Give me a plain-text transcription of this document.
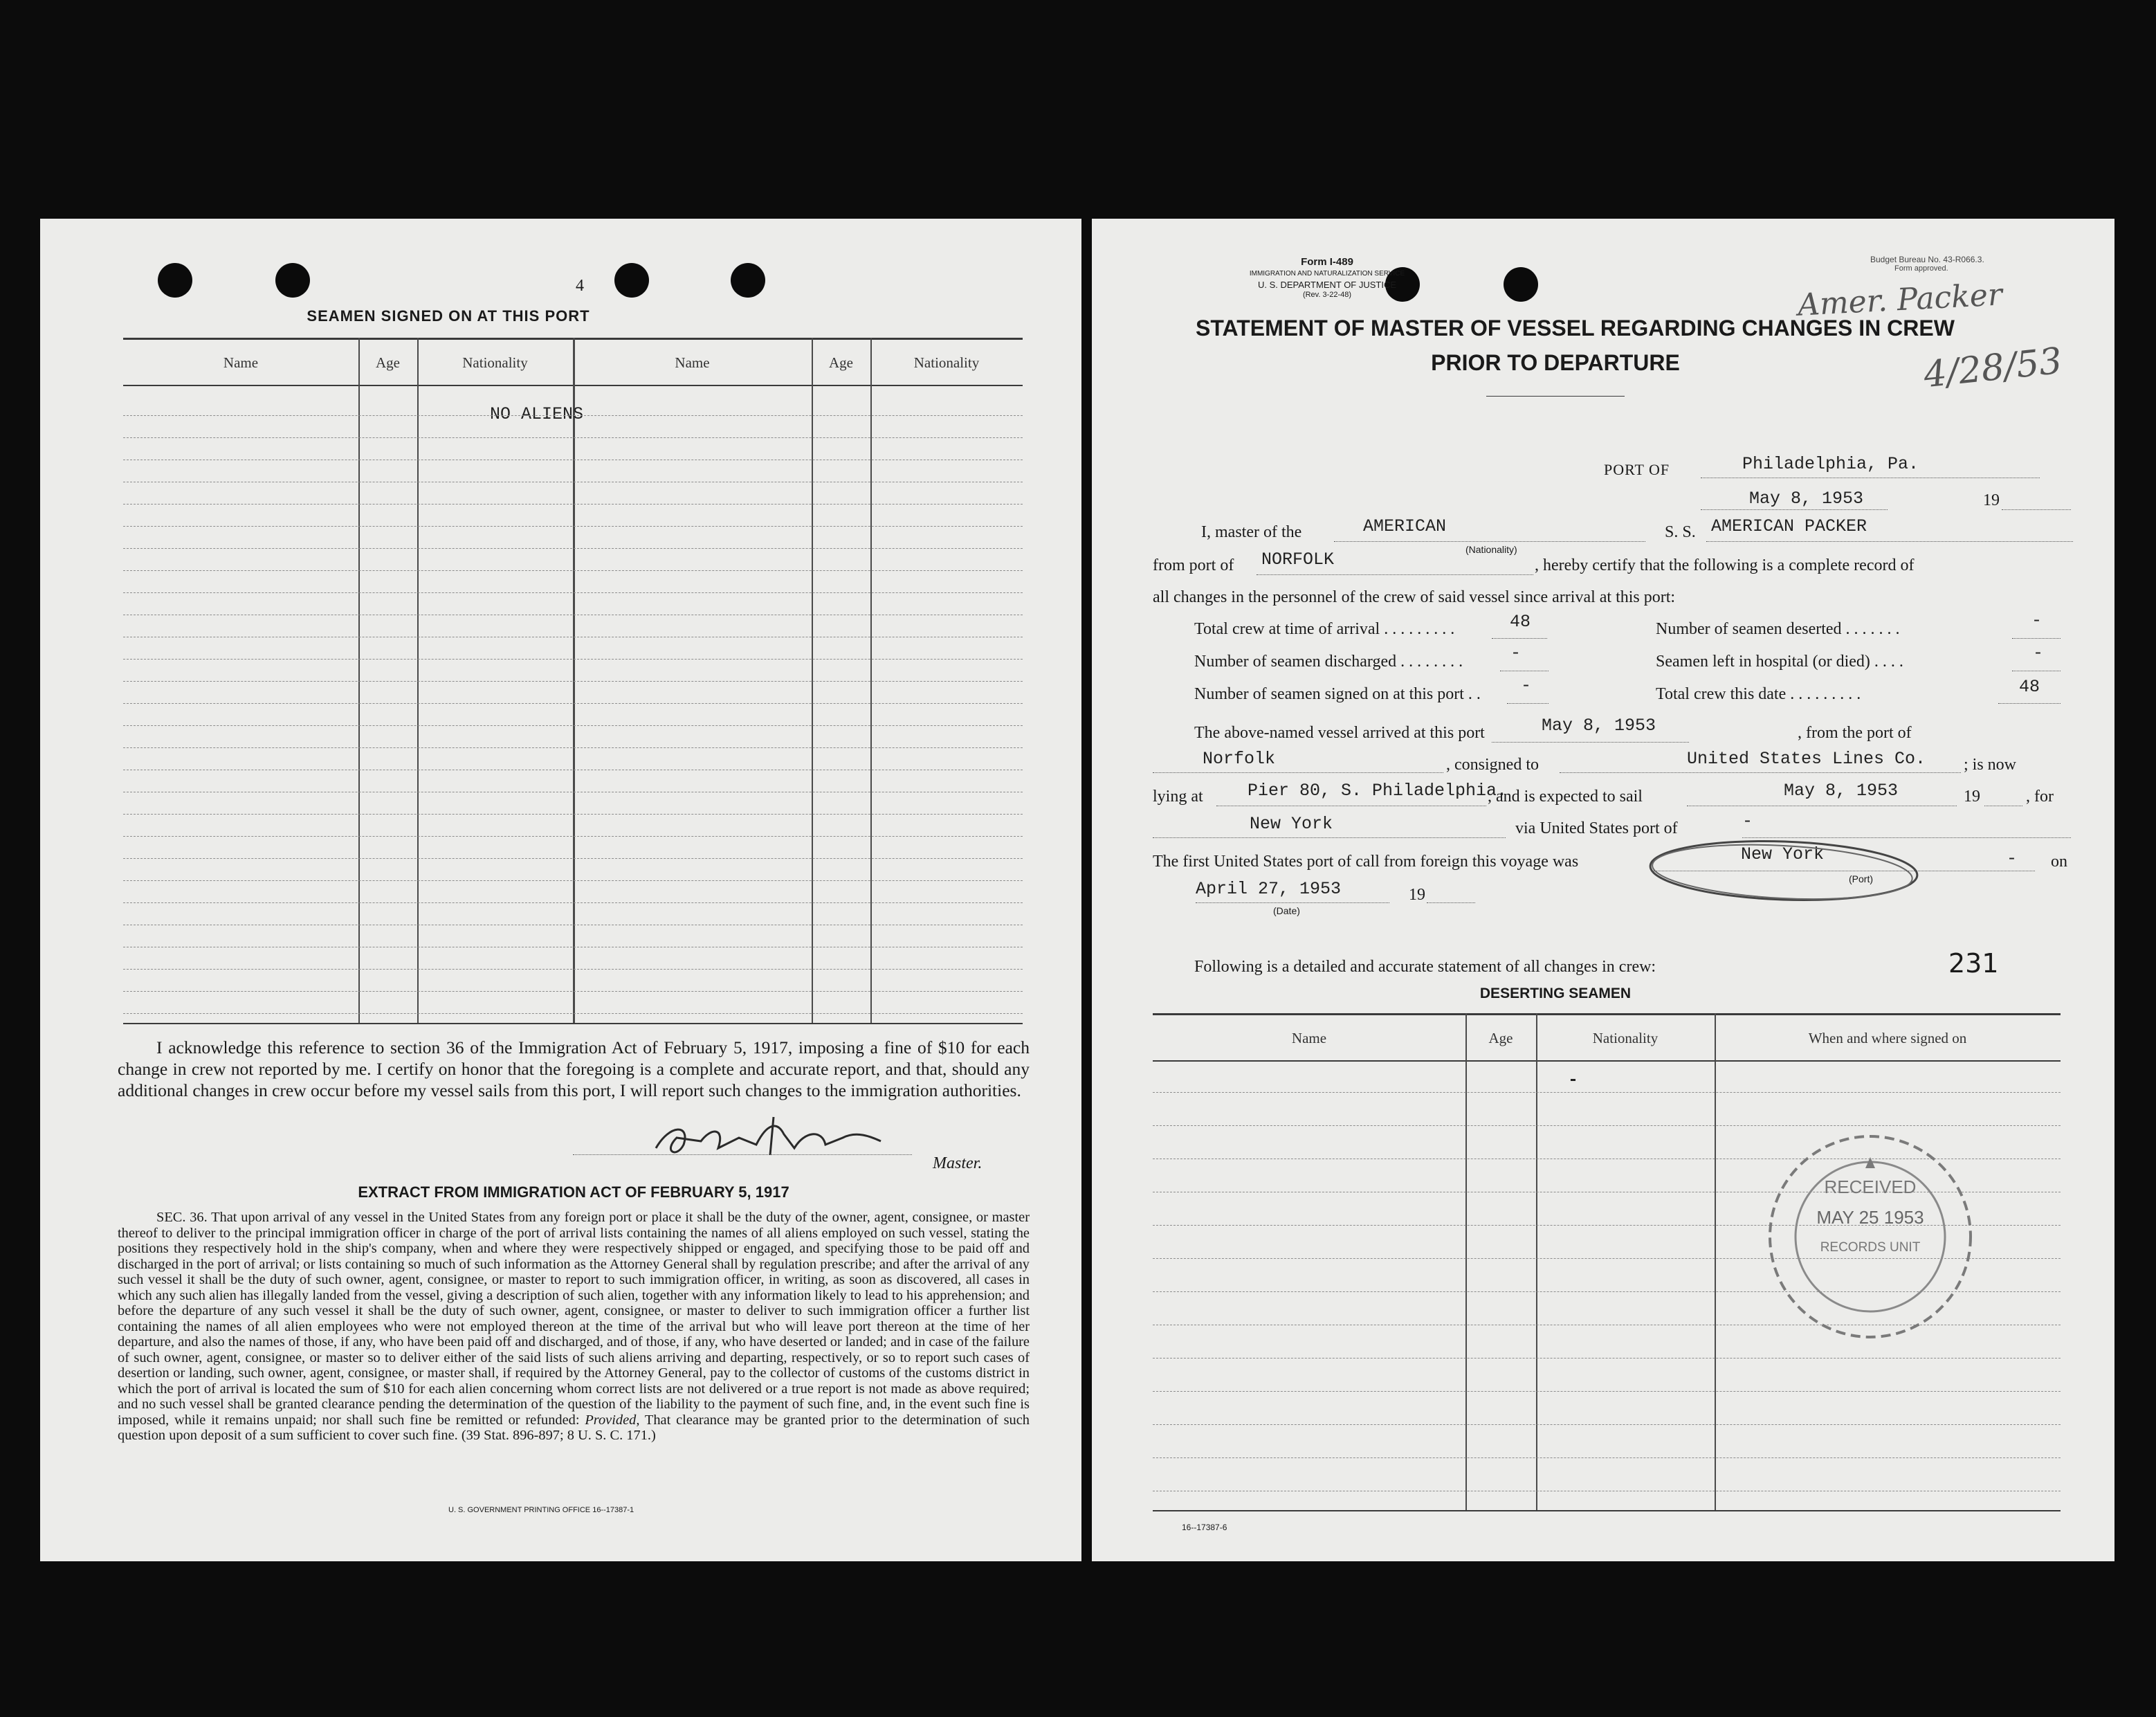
4
SEAMEN SIGNED ON AT THIS PORT
Name	Age	Nationality	Name	Age	Nationality
NO ALIENS
I acknowledge this reference to section 36 of the Immigration Act of February 5, 1917, imposing a fine of $10 for each change in crew not reported by me. I certify on honor that the foregoing is a complete and accurate report, and that, should any additional changes in crew occur before my vessel sails from this port, I will report such changes to the immigration authorities.
Master.
EXTRACT FROM IMMIGRATION ACT OF FEBRUARY 5, 1917
SEC. 36. That upon arrival of any vessel in the United States from any foreign port or place it shall be the duty of the owner, agent, consignee, or master thereof to deliver to the principal immigration officer in charge of the port of arrival lists containing the names of all aliens employed on such vessel, stating the positions they respectively hold in the ship's company, when and where they were respectively shipped or engaged, and specifying those to be paid off and discharged in the port of arrival; or lists containing so much of such information as the Attorney General shall by regulation prescribe; and after the arrival of any such vessel it shall be the duty of such owner, agent, consignee, or master to report to such immigration officer, in writing, as soon as discovered, all cases in which any such alien has illegally landed from the vessel, giving a description of such alien, together with any information likely to lead to his apprehension; and before the departure of any such vessel it shall be the duty of such owner, agent, consignee, or master to deliver to such immigration officer a further list containing the names of all alien employees who were not employed thereon at the time of the arrival but who will leave port thereon at the time of her departure, and also the names of those, if any, who have been paid off and discharged, and of those, if any, who have deserted or landed; and in case of the failure of such owner, agent, consignee, or master so to deliver either of the said lists of such aliens arriving and departing, respectively, or so to report such cases of desertion or landing, such owner, agent, consignee, or master shall, if required by the Attorney General, pay to the collector of customs of the customs district in which the port of arrival is located the sum of $10 for each alien concerning whom correct lists are not delivered or a true report is not made as above required; and no such vessel shall be granted clearance pending the determination of the question of the liability to the payment of such fine, and, in the event such fine is imposed, while it remains unpaid; nor shall such fine be remitted or refunded: Provided, That clearance may be granted prior to the determination of such question upon deposit of a sum sufficient to cover such fine. (39 Stat. 896-897; 8 U. S. C. 171.)
U. S. GOVERNMENT PRINTING OFFICE 16--17387-1
Form I-489
IMMIGRATION AND NATURALIZATION SERVICE
U. S. DEPARTMENT OF JUSTICE
(Rev. 3-22-48)
Budget Bureau No. 43-R066.3.
Form approved.
Amer. Packer
4/28/53
STATEMENT OF MASTER OF VESSEL REGARDING CHANGES IN CREW
PRIOR TO DEPARTURE
PORT OF	Philadelphia, Pa.
May 8, 1953	19
I, master of the	AMERICAN
(Nationality)
S. S. AMERICAN PACKER
from port of NORFOLK	, hereby certify that the following is a complete record of
all changes in the personnel of the crew of said vessel since arrival at this port:
Total crew at time of arrival . . . . . . . . .	48	Number of seamen deserted . . . . . . .	-
Number of seamen discharged . . . . . . . .	-	Seamen left in hospital (or died) . . . .	-
Number of seamen signed on at this port . . -	Total crew this date . . . . . . . . .	48
The above-named vessel arrived at this port	May 8, 1953	, from the port of
Norfolk	, consigned to	United States Lines Co. ; is now
lying at	Pier 80, S. Philadelphia.
, and is expected to sail	May 8, 1953	19	, for
New York	via United States port of	-
The first United States port of call from foreign this voyage was	New York
(Port)
- on
April 27, 1953
(Date)
19
Following is a detailed and accurate statement of all changes in crew:	231
DESERTING SEAMEN
Name	Age	Nationality	When and where signed on
-
RECEIVED
MAY 25 1953
RECORDS UNIT
16--17387-6
